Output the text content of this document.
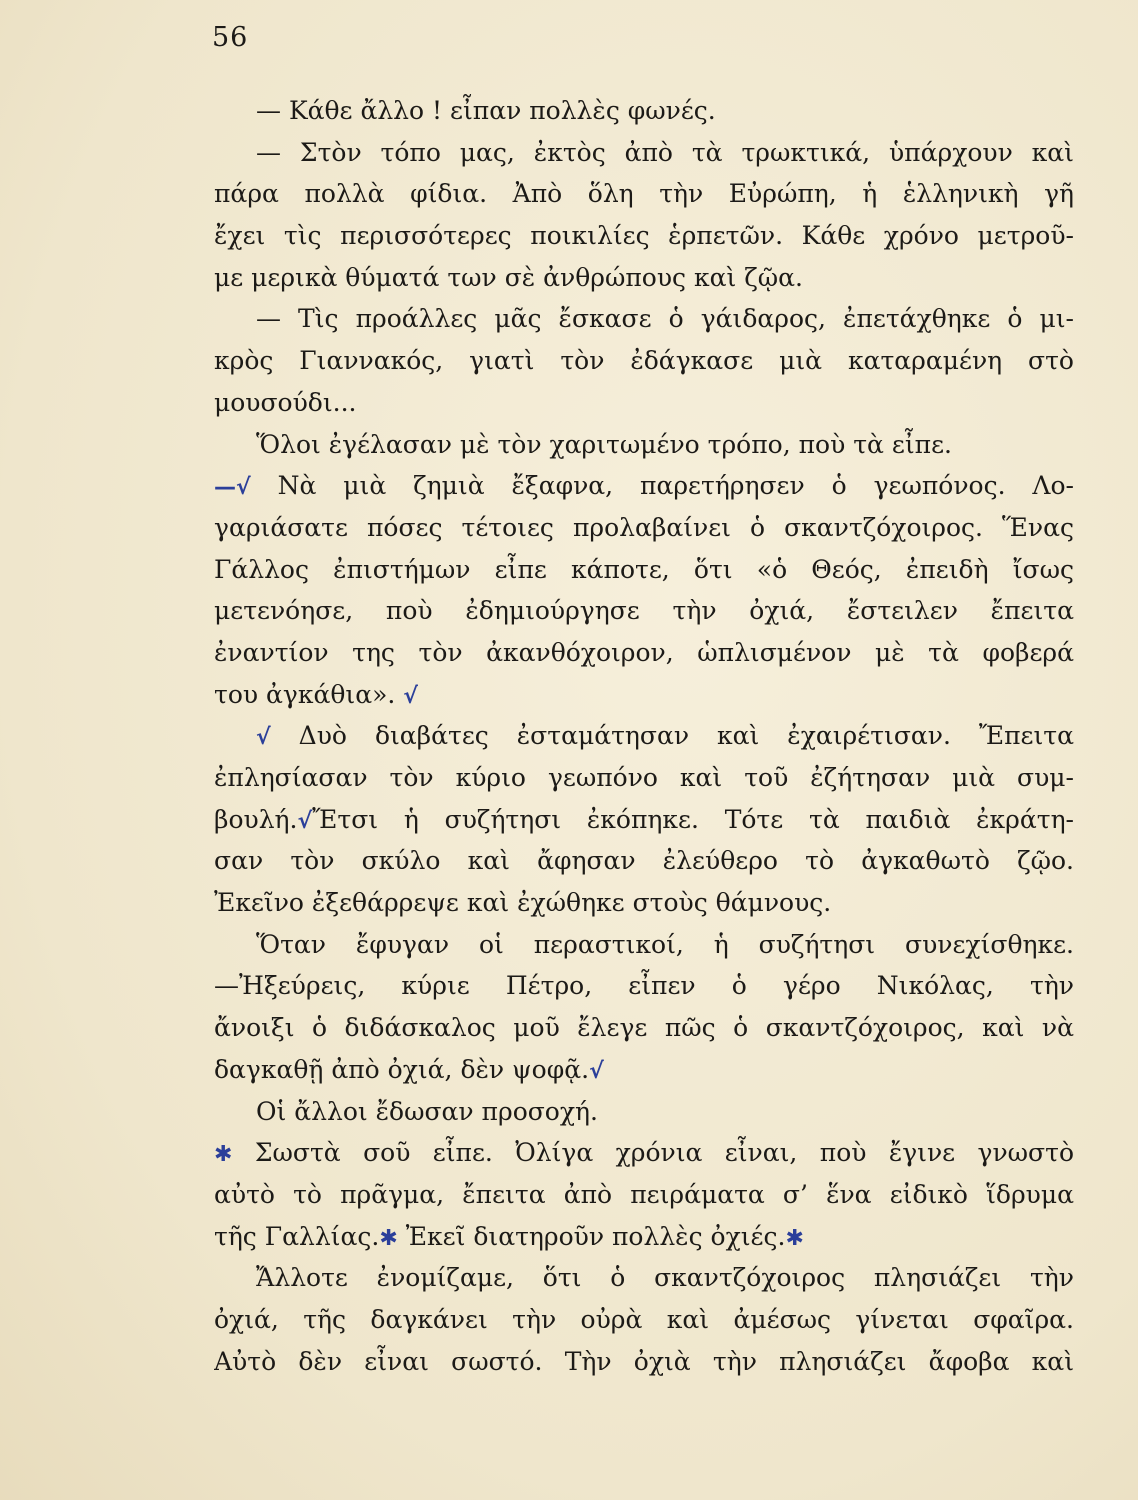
56
— Κάθε ἄλλο ! εἶπαν πολλὲς φωνές.
— Στὸν τόπο μας, ἐκτὸς ἀπὸ τὰ τρωκτικά, ὑπάρχουν καὶ
πάρα πολλὰ φίδια. Ἀπὸ ὅλη τὴν Εὐρώπη, ἡ ἑλληνικὴ γῆ
ἔχει τὶς περισσότερες ποικιλίες ἑρπετῶν. Κάθε χρόνο μετροῦ-
με μερικὰ θύματά των σὲ ἀνθρώπους καὶ ζῷα.
— Τὶς προάλλες μᾶς ἔσκασε ὁ γάιδαρος, ἐπετάχθηκε ὁ μι-
κρὸς Γιαννακός, γιατὶ τὸν ἐδάγκασε μιὰ καταραμένη στὸ
μουσούδι...
Ὅλοι ἐγέλασαν μὲ τὸν χαριτωμένο τρόπο, ποὺ τὰ εἶπε.
—√ Νὰ μιὰ ζημιὰ ἔξαφνα, παρετήρησεν ὁ γεωπόνος. Λο-
γαριάσατε πόσες τέτοιες προλαβαίνει ὁ σκαντζόχοιρος. Ἕνας
Γάλλος ἐπιστήμων εἶπε κάποτε, ὅτι «ὁ Θεός, ἐπειδὴ ἴσως
μετενόησε, ποὺ ἐδημιούργησε τὴν ὀχιά, ἔστειλεν ἔπειτα
ἐναντίον της τὸν ἀκανθόχοιρον, ὡπλισμένον μὲ τὰ φοβερά
του ἀγκάθια». √
√ Δυὸ διαβάτες ἐσταμάτησαν καὶ ἐχαιρέτισαν. Ἔπειτα
ἐπλησίασαν τὸν κύριο γεωπόνο καὶ τοῦ ἐζήτησαν μιὰ συμ-
βουλή.√Ἔτσι ἡ συζήτησι ἐκόπηκε. Τότε τὰ παιδιὰ ἐκράτη-
σαν τὸν σκύλο καὶ ἄφησαν ἐλεύθερο τὸ ἀγκαθωτὸ ζῷο.
Ἐκεῖνο ἐξεθάρρεψε καὶ ἐχώθηκε στοὺς θάμνους.
Ὅταν ἔφυγαν οἱ περαστικοί, ἡ συζήτησι συνεχίσθηκε.
—Ἠξεύρεις, κύριε Πέτρο, εἶπεν ὁ γέρο Νικόλας, τὴν
ἄνοιξι ὁ διδάσκαλος μοῦ ἔλεγε πῶς ὁ σκαντζόχοιρος, καὶ νὰ
δαγκαθῇ ἀπὸ ὀχιά, δὲν ψοφᾷ.√
Οἱ ἄλλοι ἔδωσαν προσοχή.
✱ Σωστὰ σοῦ εἶπε. Ὀλίγα χρόνια εἶναι, ποὺ ἔγινε γνωστὸ
αὐτὸ τὸ πρᾶγμα, ἔπειτα ἀπὸ πειράματα σ’ ἕνα εἰδικὸ ἵδρυμα
τῆς Γαλλίας.✱ Ἐκεῖ διατηροῦν πολλὲς ὀχιές.✱
Ἄλλοτε ἐνομίζαμε, ὅτι ὁ σκαντζόχοιρος πλησιάζει τὴν
ὀχιά, τῆς δαγκάνει τὴν οὐρὰ καὶ ἀμέσως γίνεται σφαῖρα.
Αὐτὸ δὲν εἶναι σωστό. Τὴν ὀχιὰ τὴν πλησιάζει ἄφοβα καὶ
